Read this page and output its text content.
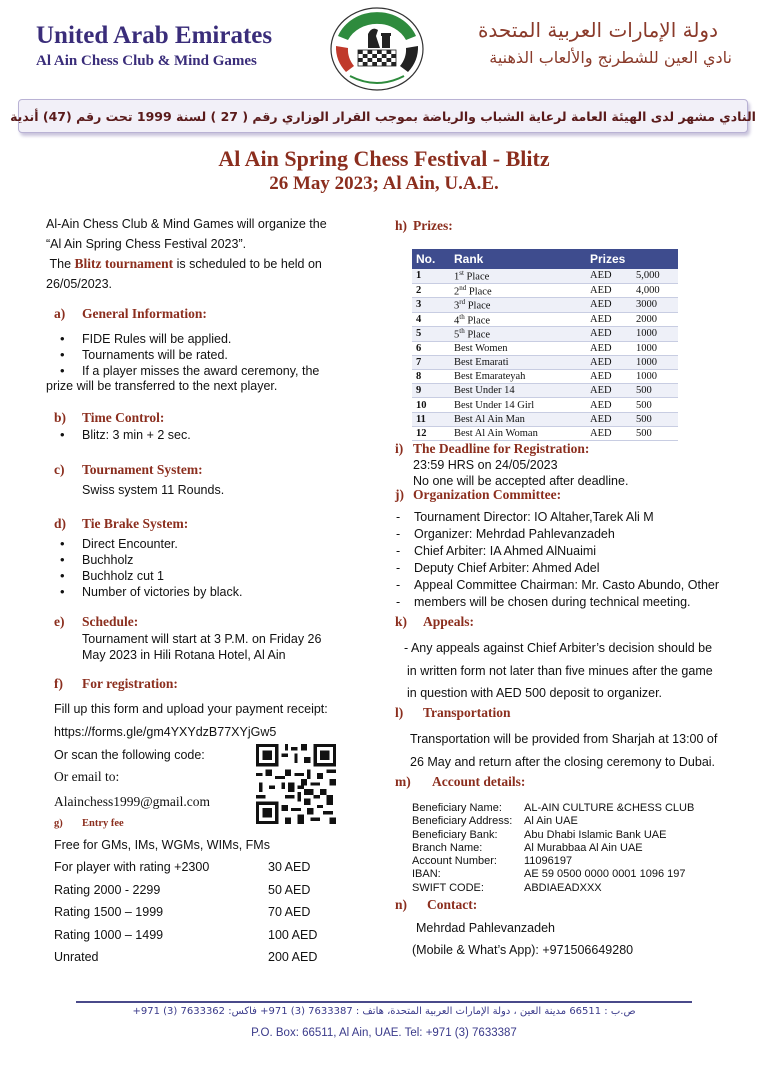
United Arab Emirates
Al Ain Chess Club & Mind Games
دولة الإمارات العربية المتحدة
نادي العين للشطرنج والألعاب الذهنية
النادي مشهر لدى الهيئة العامة لرعاية الشباب والرياضة بموجب القرار الوزاري رقم ( 27 ) لسنة 1999 تحت رقم (47) أندية
Al Ain Spring Chess Festival - Blitz
26 May 2023; Al Ain, U.A.E.
Al-Ain Chess Club & Mind Games will organize the
“Al Ain Spring Chess Festival 2023”.
The Blitz tournament is scheduled to be held on
26/05/2023.
a) General Information:
• FIDE Rules will be applied.
• Tournaments will be rated.
• If a player misses the award ceremony, the
prize will be transferred to the next player.
b) Time Control:
• Blitz: 3 min + 2 sec.
c) Tournament System:
Swiss system 11 Rounds.
d) Tie Brake System:
• Direct Encounter.
• Buchholz
• Buchholz cut 1
• Number of victories by black.
e) Schedule:
Tournament will start at 3 P.M. on Friday 26
May 2023 in Hili Rotana Hotel, Al Ain
f) For registration:
Fill up this form and upload your payment receipt:
https://forms.gle/gm4YXYdzB77XYjGw5
Or scan the following code:
Or email to:
Alainchess1999@gmail.com
g) Entry fee
Free for GMs, IMs, WGMs, WIMs, FMs
For player with rating +2300	30 AED
Rating 2000 - 2299	50 AED
Rating 1500 – 1999	70 AED
Rating 1000 – 1499	100 AED
Unrated	200 AED
h) Prizes:
No.	Rank	Prizes	
1	1st Place	AED	5,000
2	2nd Place	AED	4,000
3	3rd Place	AED	3000
4	4th Place	AED	2000
5	5th Place	AED	1000
6	Best Women	AED	1000
7	Best Emarati	AED	1000
8	Best Emarateyah	AED	1000
9	Best Under 14	AED	500
10	Best Under 14 Girl	AED	500
11	Best Al Ain Man	AED	500
12	Best Al Ain Woman	AED	500
i) The Deadline for Registration:
23:59 HRS on 24/05/2023
No one will be accepted after deadline.
j) Organization Committee:
- Tournament Director: IO Altaher,Tarek Ali M
- Organizer: Mehrdad Pahlevanzadeh
- Chief Arbiter: IA Ahmed AlNuaimi
- Deputy Chief Arbiter: Ahmed Adel
- Appeal Committee Chairman: Mr. Casto Abundo, Other
- members will be chosen during technical meeting.
k) Appeals:
- Any appeals against Chief Arbiter’s decision should be
in written form not later than five minues after the game
in question with AED 500 deposit to organizer.
l) Transportation
Transportation will be provided from Sharjah at 13:00 of
26 May and return after the closing ceremony to Dubai.
m) Account details:
Beneficiary Name:	AL-AIN CULTURE &CHESS CLUB
Beneficiary Address:	Al Ain UAE
Beneficiary Bank:	Abu Dhabi Islamic Bank UAE
Branch Name:	Al Murabbaa Al Ain UAE
Account Number:	11096197
IBAN:	AE 59 0500 0000 0001 1096 197
SWIFT CODE:	ABDIAEADXXX
n) Contact:
Mehrdad Pahlevanzadeh
(Mobile & What’s App): +971506649280
ص.ب : 66511 مدينة العين ، دولة الإمارات العربية المتحدة، هاتف : 7633387 (3) 971+ فاكس: 7633362 (3) 971+
P.O. Box: 66511, Al Ain, UAE. Tel: +971 (3) 7633387
